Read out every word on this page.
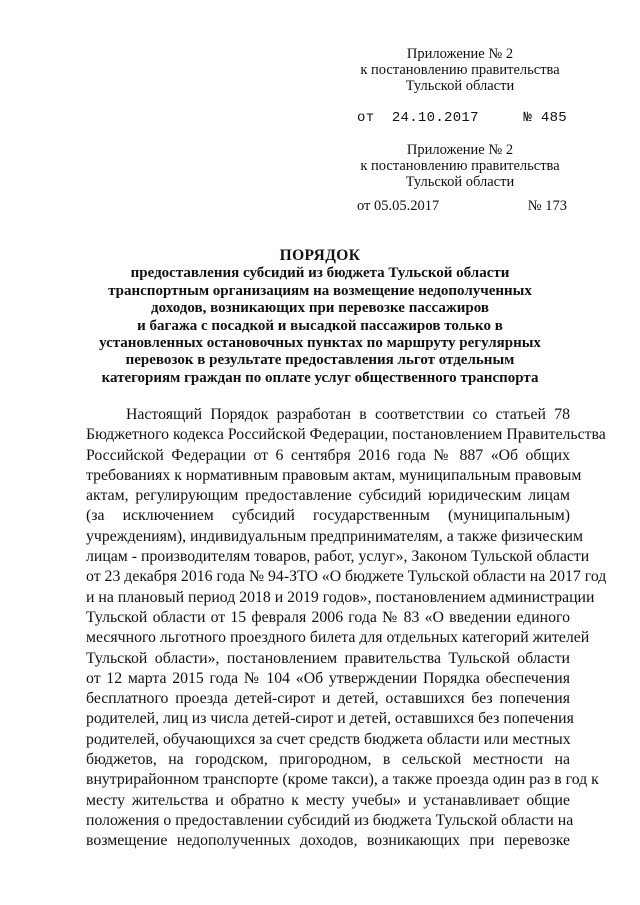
Приложение № 2
к постановлению правительства
Тульской области
от 24.10.2017	№ 485
Приложение № 2
к постановлению правительства
Тульской области
от 05.05.2017	№ 173
ПОРЯДОК
предоставления субсидий из бюджета Тульской области
транспортным организациям на возмещение недополученных
доходов, возникающих при перевозке пассажиров
и багажа с посадкой и высадкой пассажиров только в
установленных остановочных пунктах по маршруту регулярных
перевозок в результате предоставления льгот отдельным
категориям граждан по оплате услуг общественного транспорта
Настоящий Порядок разработан в соответствии со статьей 78
Бюджетного кодекса Российской Федерации, постановлением Правительства
Российской Федерации от 6 сентября 2016 года № 887 «Об общих
требованиях к нормативным правовым актам, муниципальным правовым
актам, регулирующим предоставление субсидий юридическим лицам
(за исключением субсидий государственным (муниципальным)
учреждениям), индивидуальным предпринимателям, а также физическим
лицам - производителям товаров, работ, услуг», Законом Тульской области
от 23 декабря 2016 года № 94-ЗТО «О бюджете Тульской области на 2017 год
и на плановый период 2018 и 2019 годов», постановлением администрации
Тульской области от 15 февраля 2006 года № 83 «О введении единого
месячного льготного проездного билета для отдельных категорий жителей
Тульской области», постановлением правительства Тульской области
от 12 марта 2015 года № 104 «Об утверждении Порядка обеспечения
бесплатного проезда детей-сирот и детей, оставшихся без попечения
родителей, лиц из числа детей-сирот и детей, оставшихся без попечения
родителей, обучающихся за счет средств бюджета области или местных
бюджетов, на городском, пригородном, в сельской местности на
внутрирайонном транспорте (кроме такси), а также проезда один раз в год к
месту жительства и обратно к месту учебы» и устанавливает общие
положения о предоставлении субсидий из бюджета Тульской области на
возмещение недополученных доходов, возникающих при перевозке
